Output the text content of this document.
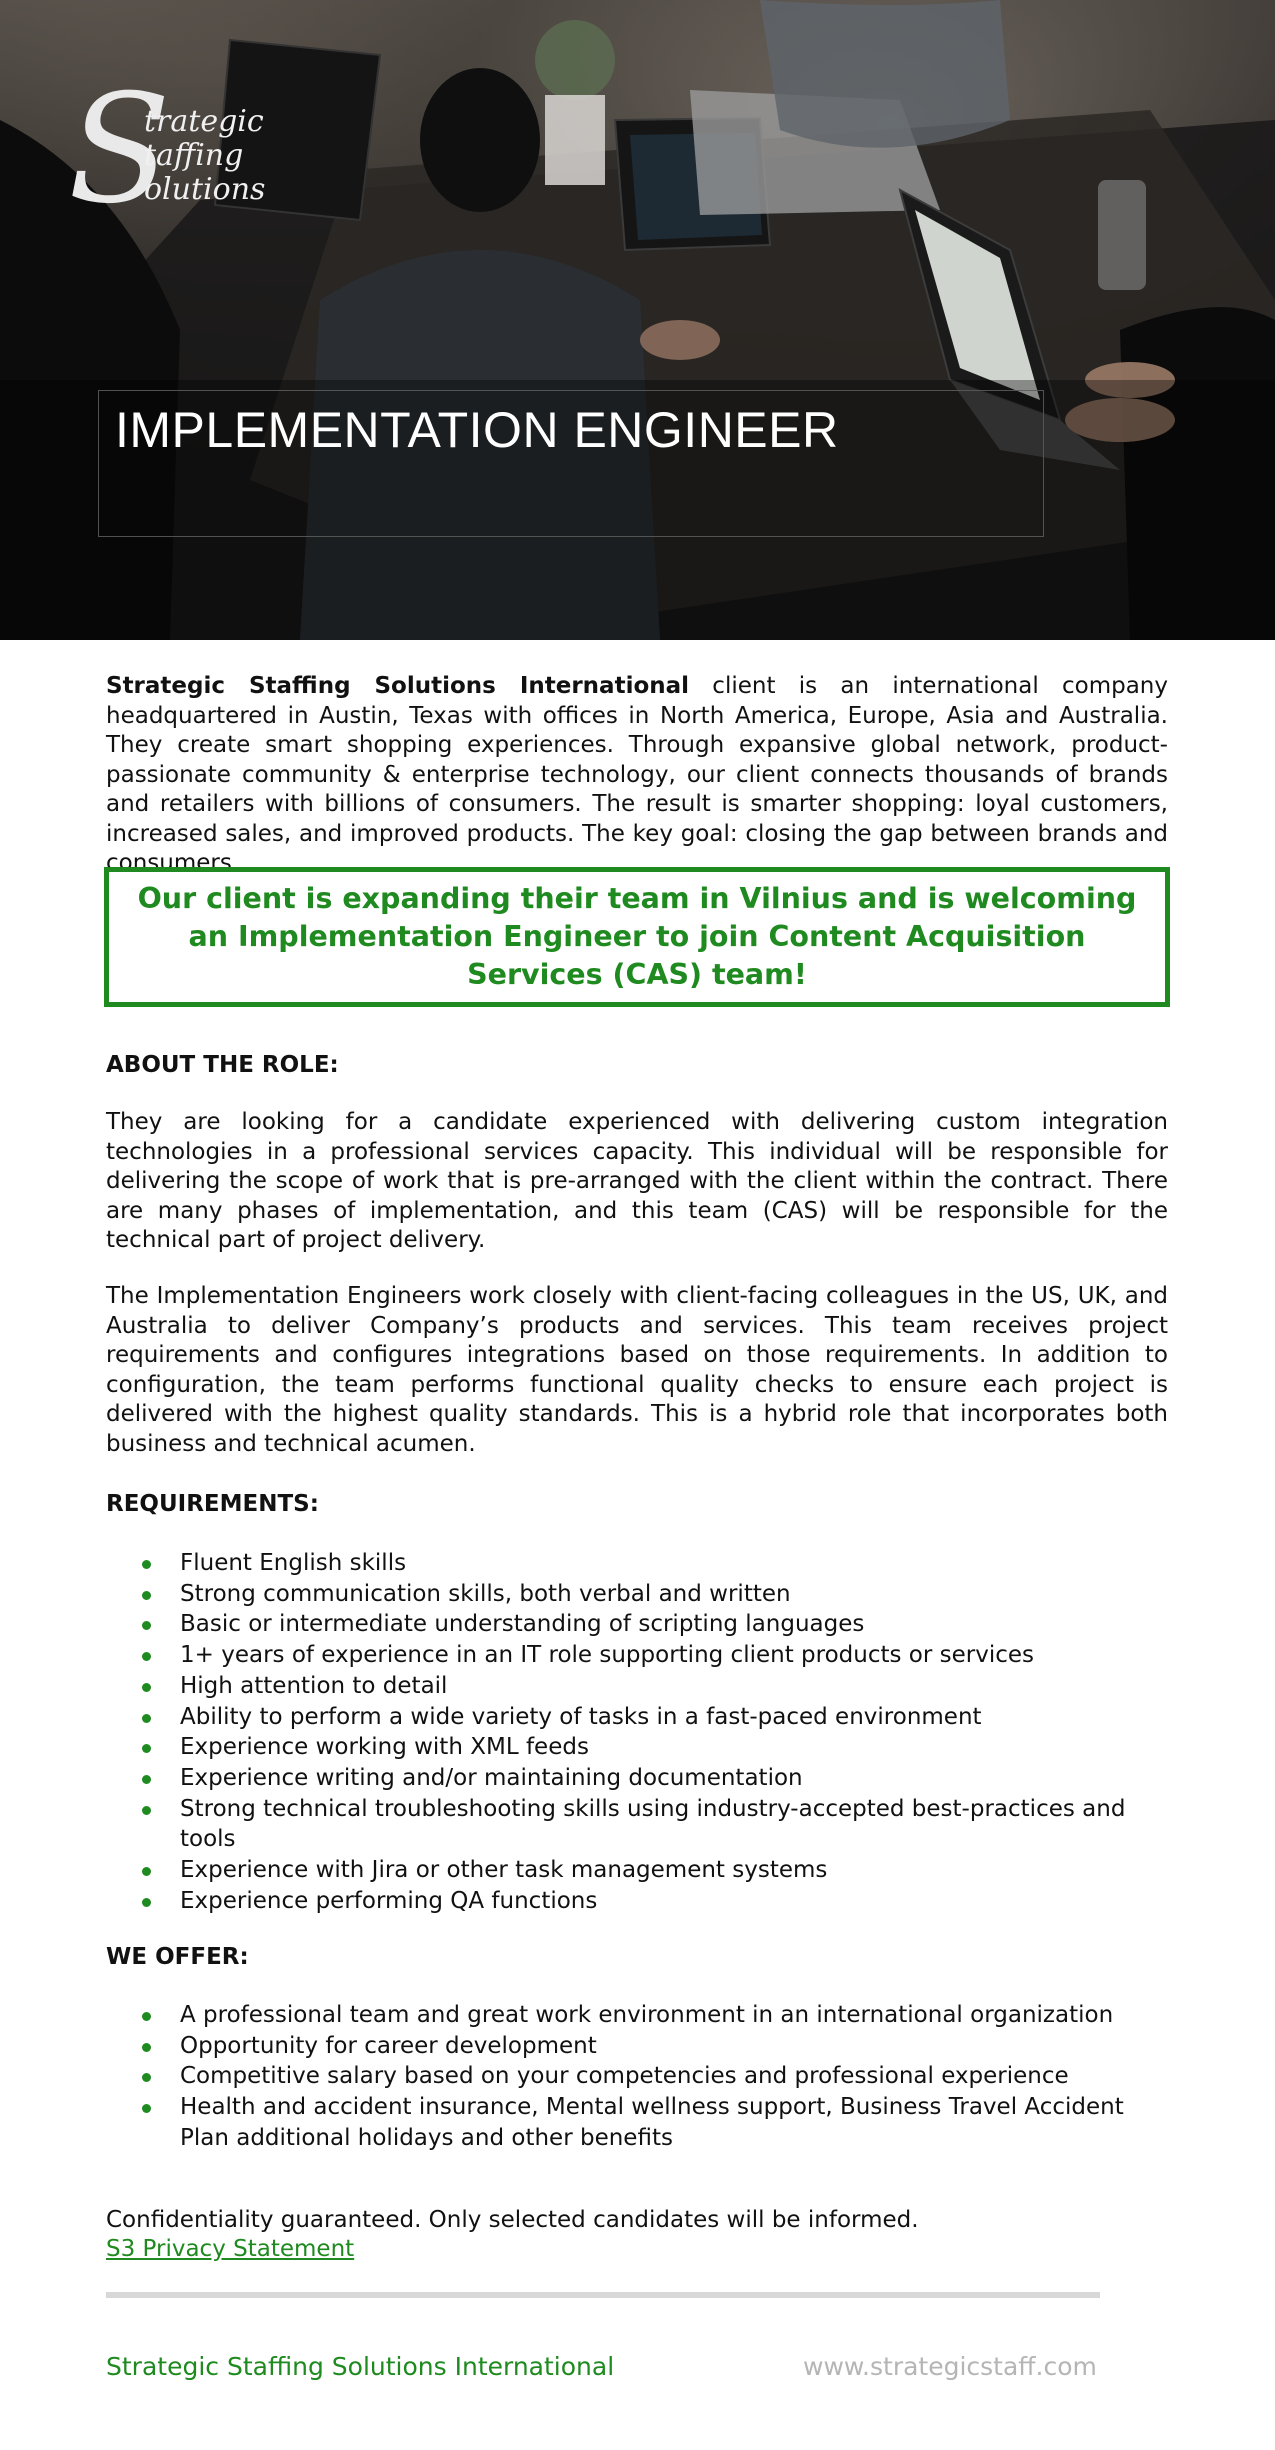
S
trategic
taffing
olutions
IMPLEMENTATION ENGINEER

Strategic Staffing Solutions International client is an international company headquartered in Austin, Texas with offices in North America, Europe, Asia and Australia. They create smart shopping experiences. Through expansive global network, product-passionate community & enterprise technology, our client connects thousands of brands and retailers with billions of consumers. The result is smarter shopping: loyal customers, increased sales, and improved products. The key goal: closing the gap between brands and consumers.

Our client is expanding their team in Vilnius and is welcoming an Implementation Engineer to join Content Acquisition Services (CAS) team!
ABOUT THE ROLE:
They are looking for a candidate experienced with delivering custom integration technologies in a professional services capacity. This individual will be responsible for delivering the scope of work that is pre-arranged with the client within the contract. There are many phases of implementation, and this team (CAS) will be responsible for the technical part of project delivery.
The Implementation Engineers work closely with client-facing colleagues in the US, UK, and Australia to deliver Company’s products and services. This team receives project requirements and configures integrations based on those requirements. In addition to configuration, the team performs functional quality checks to ensure each project is delivered with the highest quality standards. This is a hybrid role that incorporates both business and technical acumen.
REQUIREMENTS:
Fluent English skills
Strong communication skills, both verbal and written
Basic or intermediate understanding of scripting languages
1+ years of experience in an IT role supporting client products or services
High attention to detail
Ability to perform a wide variety of tasks in a fast-paced environment
Experience working with XML feeds
Experience writing and/or maintaining documentation
Strong technical troubleshooting skills using industry-accepted best-practices and tools
Experience with Jira or other task management systems
Experience performing QA functions
WE OFFER:
A professional team and great work environment in an international organization
Opportunity for career development
Competitive salary based on your competencies and professional experience
Health and accident insurance, Mental wellness support, Business Travel Accident Plan additional holidays and other benefits
Confidentiality guaranteed. Only selected candidates will be informed.
S3 Privacy Statement
Strategic Staffing Solutions International	www.strategicstaff.com
